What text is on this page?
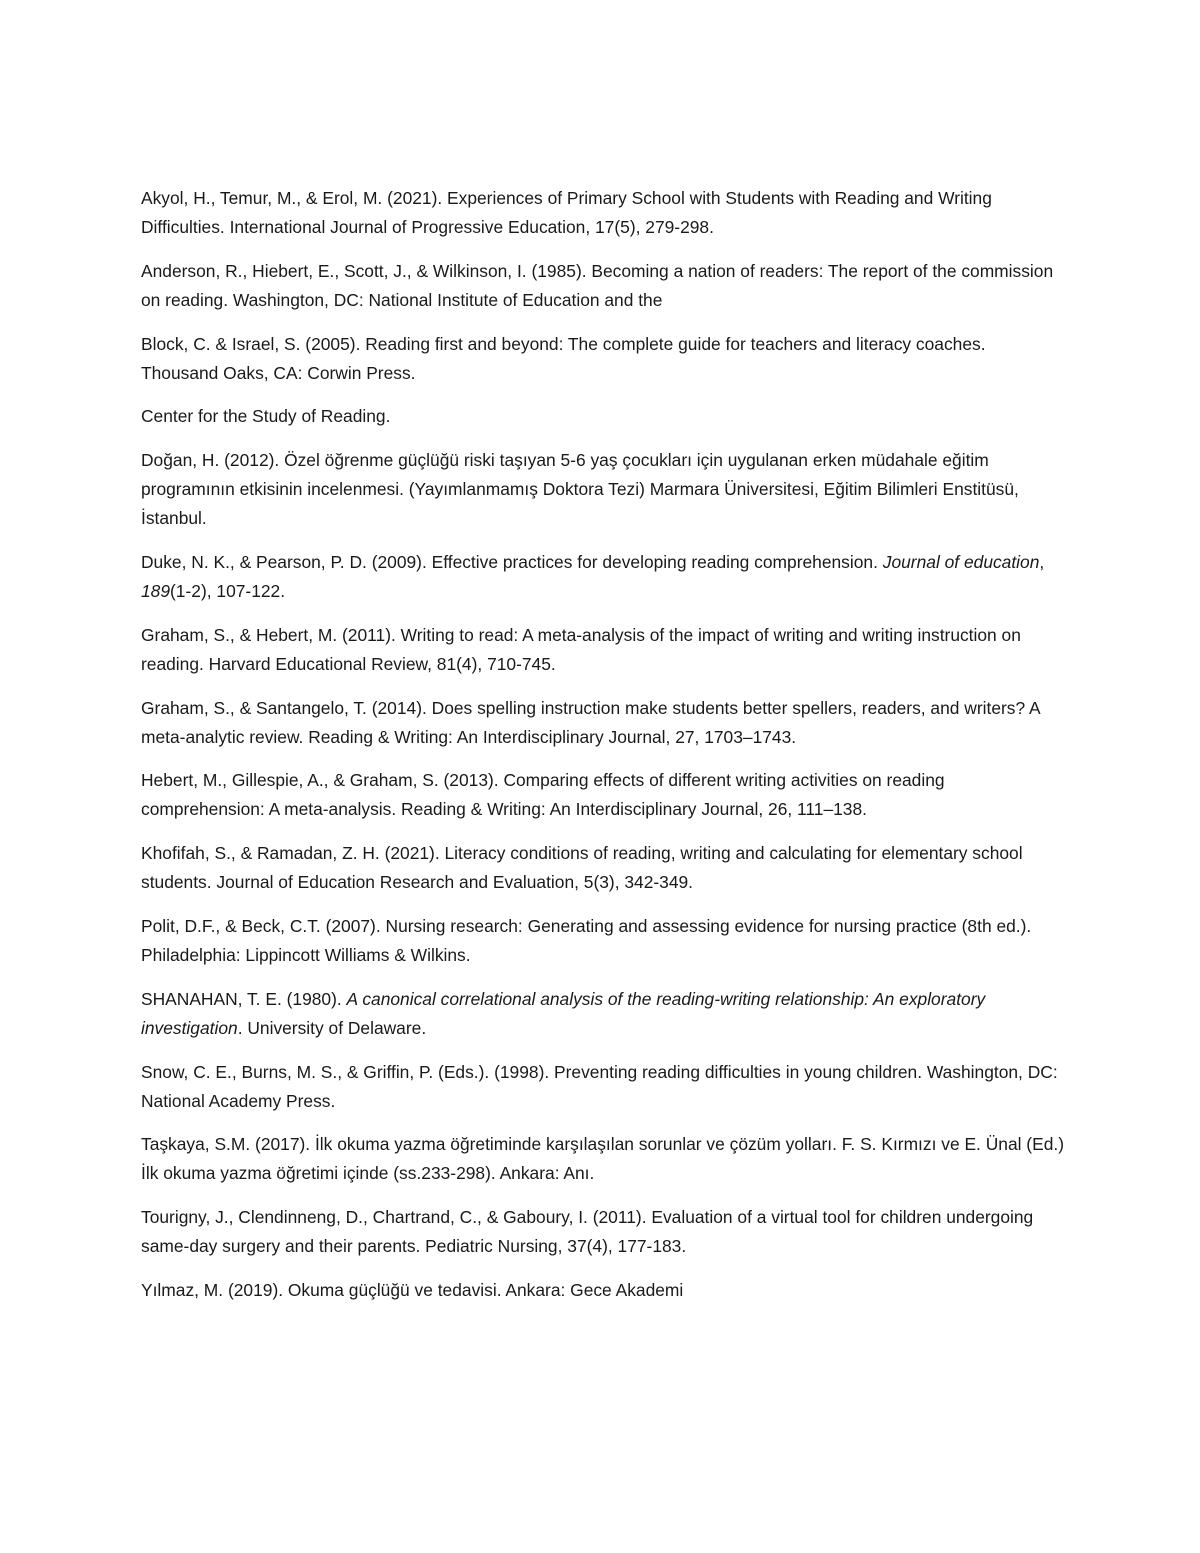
Akyol, H., Temur, M., & Erol, M. (2021). Experiences of Primary School with Students with Reading and Writing Difficulties. International Journal of Progressive Education, 17(5), 279-298.

Anderson, R., Hiebert, E., Scott, J., & Wilkinson, I. (1985). Becoming a nation of readers: The report of the commission on reading. Washington, DC: National Institute of Education and the

Block, C. & Israel, S. (2005). Reading first and beyond: The complete guide for teachers and literacy coaches. Thousand Oaks, CA: Corwin Press.

Center for the Study of Reading.

Doğan, H. (2012). Özel öğrenme güçlüğü riski taşıyan 5-6 yaş çocukları için uygulanan erken müdahale eğitim programının etkisinin incelenmesi. (Yayımlanmamış Doktora Tezi) Marmara Üniversitesi, Eğitim Bilimleri Enstitüsü, İstanbul.

Duke, N. K., & Pearson, P. D. (2009). Effective practices for developing reading comprehension. Journal of education, 189(1-2), 107-122.

Graham, S., & Hebert, M. (2011). Writing to read: A meta-analysis of the impact of writing and writing instruction on reading. Harvard Educational Review, 81(4), 710-745.

Graham, S., & Santangelo, T. (2014). Does spelling instruction make students better spellers, readers, and writers? A meta-analytic review. Reading & Writing: An Interdisciplinary Journal, 27, 1703–1743.

Hebert, M., Gillespie, A., & Graham, S. (2013). Comparing effects of different writing activities on reading comprehension: A meta-analysis. Reading & Writing: An Interdisciplinary Journal, 26, 111–138.

Khofifah, S., & Ramadan, Z. H. (2021). Literacy conditions of reading, writing and calculating for elementary school students. Journal of Education Research and Evaluation, 5(3), 342-349.

Polit, D.F., & Beck, C.T. (2007). Nursing research: Generating and assessing evidence for nursing practice (8th ed.). Philadelphia: Lippincott Williams & Wilkins.

SHANAHAN, T. E. (1980). A canonical correlational analysis of the reading-writing relationship: An exploratory investigation. University of Delaware.

Snow, C. E., Burns, M. S., & Griffin, P. (Eds.). (1998). Preventing reading difficulties in young children. Washington, DC: National Academy Press.

Taşkaya, S.M. (2017). İlk okuma yazma öğretiminde karşılaşılan sorunlar ve çözüm yolları. F. S. Kırmızı ve E. Ünal (Ed.) İlk okuma yazma öğretimi içinde (ss.233-298). Ankara: Anı.

Tourigny, J., Clendinneng, D., Chartrand, C., & Gaboury, I. (2011). Evaluation of a virtual tool for children undergoing same-day surgery and their parents. Pediatric Nursing, 37(4), 177-183.

Yılmaz, M. (2019). Okuma güçlüğü ve tedavisi. Ankara: Gece Akademi
